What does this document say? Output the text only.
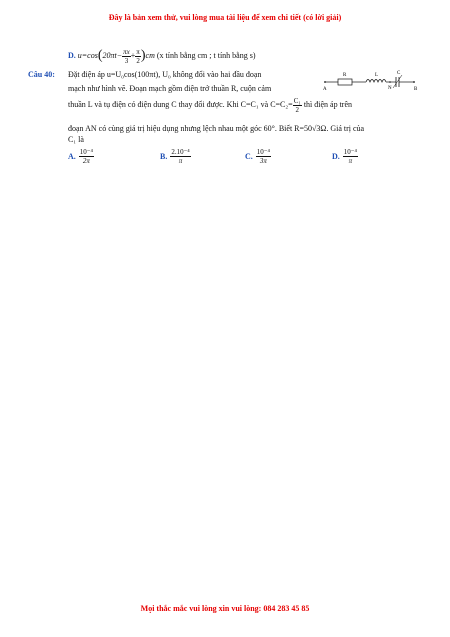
Đây là bản xem thử, vui lòng mua tài liệu để xem chi tiết (có lời giải)
D. $u=\cos(20\pi t- \frac{\pi x}{3} + \frac{\pi}{2} )cm$ (x tính bằng cm ; t tính bằng s)
Câu 40: Đặt điện áp u=U₀cos(100πt), U₀ không đổi vào hai đầu đoạn
mạch như hình vẽ. Đoạn mạch gồm điện trở thuần R, cuộn cảm	A
R	L
N
C
B
thuần L và tụ điện có điện dung C thay đổi được. Khi C=C₁ và $C=C_2= \frac{\text{C₁}}{2}$ thì điện áp trên
đoạn AN có cùng giá trị hiệu dụng nhưng lệch nhau một góc 60°. Biết R=50√3Ω. Giá trị của
C₁ là
A. $\frac{\text{10⁻⁴}}{2\pi}$	B. $\frac{\text{2.10⁻⁴}}{\pi}$	C. $\frac{\text{10⁻⁴}}{3\pi}$	D. $\frac{\text{10⁻⁴}}{\pi}$
Mọi thắc mắc vui lòng xin vui lòng: 084 283 45 85
